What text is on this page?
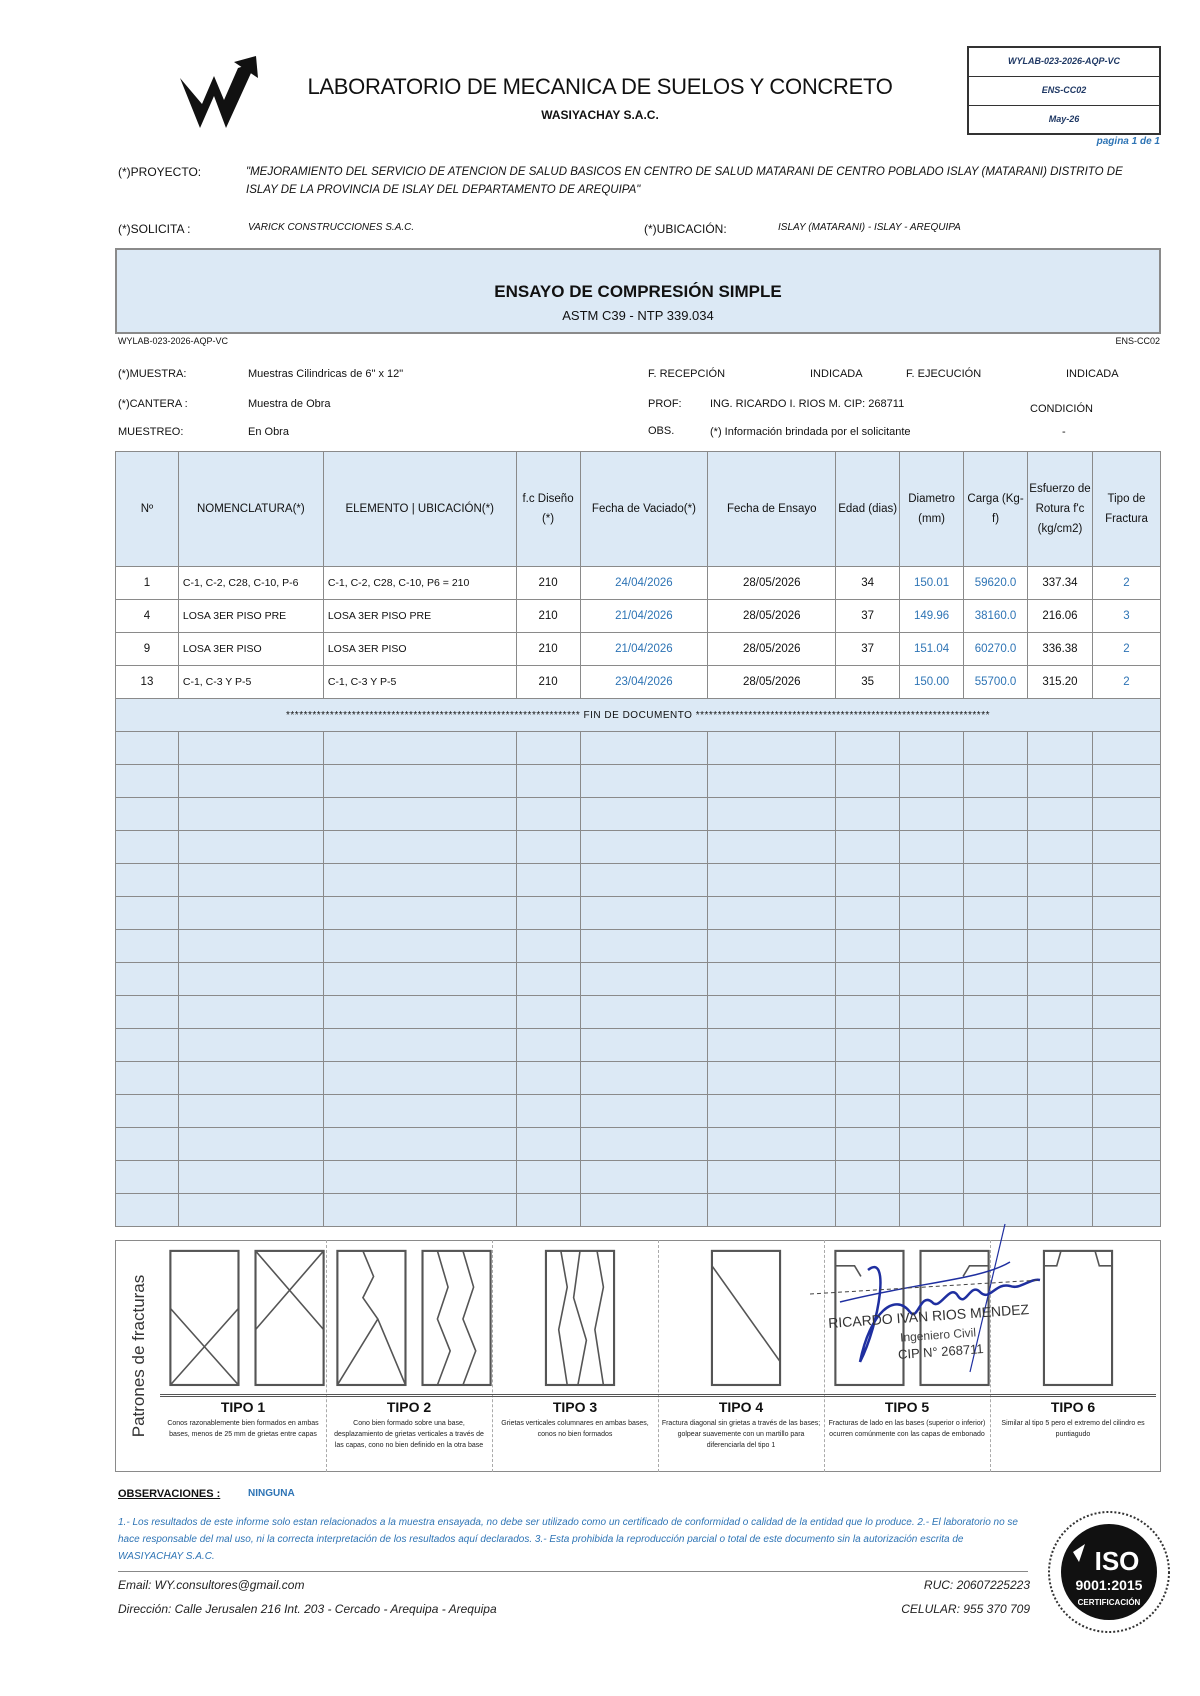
LABORATORIO DE MECANICA DE SUELOS Y CONCRETO
WASIYACHAY S.A.C.
WYLAB-023-2026-AQP-VC
ENS-CC02
May-26
pagina 1 de 1
(*)PROYECTO:	"MEJORAMIENTO DEL SERVICIO DE ATENCION DE SALUD BASICOS EN CENTRO DE SALUD MATARANI DE CENTRO POBLADO ISLAY (MATARANI) DISTRITO DE ISLAY DE LA PROVINCIA DE ISLAY DEL DEPARTAMENTO DE AREQUIPA"
(*)SOLICITA :	VARICK CONSTRUCCIONES S.A.C.	(*)UBICACIÓN:	ISLAY (MATARANI) - ISLAY - AREQUIPA
ENSAYO DE COMPRESIÓN SIMPLE
ASTM C39 - NTP 339.034
WYLAB-023-2026-AQP-VC	ENS-CC02
(*)MUESTRA:	Muestras Cilindricas de 6" x 12"
(*)CANTERA :	Muestra de Obra
MUESTREO:	En Obra
F. RECEPCIÓN	INDICADA	F. EJECUCIÓN	INDICADA
PROF:	ING. RICARDO I. RIOS M. CIP: 268711	CONDICIÓN
-
OBS.	(*) Información brindada por el solicitante
Nº	NOMENCLATURA(*)	ELEMENTO | UBICACIÓN(*)	f.c Diseño (*)	Fecha de Vaciado(*)	Fecha de Ensayo	Edad (dias)	Diametro (mm)	Carga (Kg-f)	Esfuerzo de Rotura f'c (kg/cm2)	Tipo de Fractura
1	C-1, C-2, C28, C-10, P-6	C-1, C-2, C28, C-10, P6 = 210	210	24/04/2026	28/05/2026	34	150.01	59620.0	337.34	2
4	LOSA 3ER PISO PRE	LOSA 3ER PISO PRE	210	21/04/2026	28/05/2026	37	149.96	38160.0	216.06	3
9	LOSA 3ER PISO	LOSA 3ER PISO	210	21/04/2026	28/05/2026	37	151.04	60270.0	336.38	2
13	C-1, C-3 Y P-5	C-1, C-3 Y P-5	210	23/04/2026	28/05/2026	35	150.00	55700.0	315.20	2
******************************************************************* FIN DE DOCUMENTO *******************************************************************										

Patrones de fracturas	TIPO 1
Conos razonablemente bien formados en ambas bases, menos de 25 mm de grietas entre capas
TIPO 2
Cono bien formado sobre una base, desplazamiento de grietas verticales a través de las capas, cono no bien definido en la otra base
TIPO 3
Grietas verticales columnares en ambas bases, conos no bien formados
TIPO 4
Fractura diagonal sin grietas a través de las bases; golpear suavemente con un martillo para diferenciarla del tipo 1
TIPO 5
Fracturas de lado en las bases (superior o inferior) ocurren comúnmente con las capas de embonado
TIPO 6
Similar al tipo 5 pero el extremo del cilindro es puntiagudo
RICARDO IVAN RIOS MENDEZ
Ingeniero Civil
CIP N° 268711
OBSERVACIONES :	NINGUNA
1.- Los resultados de este informe solo estan relacionados a la muestra ensayada, no debe ser utilizado como un certificado de conformidad o calidad de la entidad que lo produce. 2.- El laboratorio no se hace responsable del mal uso, ni la correcta interpretación de los resultados aquí declarados. 3.- Esta prohibida la reproducción parcial o total de este documento sin la autorización escrita de WASIYACHAY S.A.C.
Email: WY.consultores@gmail.com
Dirección: Calle Jerusalen 216 Int. 203 - Cercado - Arequipa - Arequipa
RUC: 20607225223
CELULAR: 955 370 709
ISO
9001:2015
CERTIFICACIÓN
